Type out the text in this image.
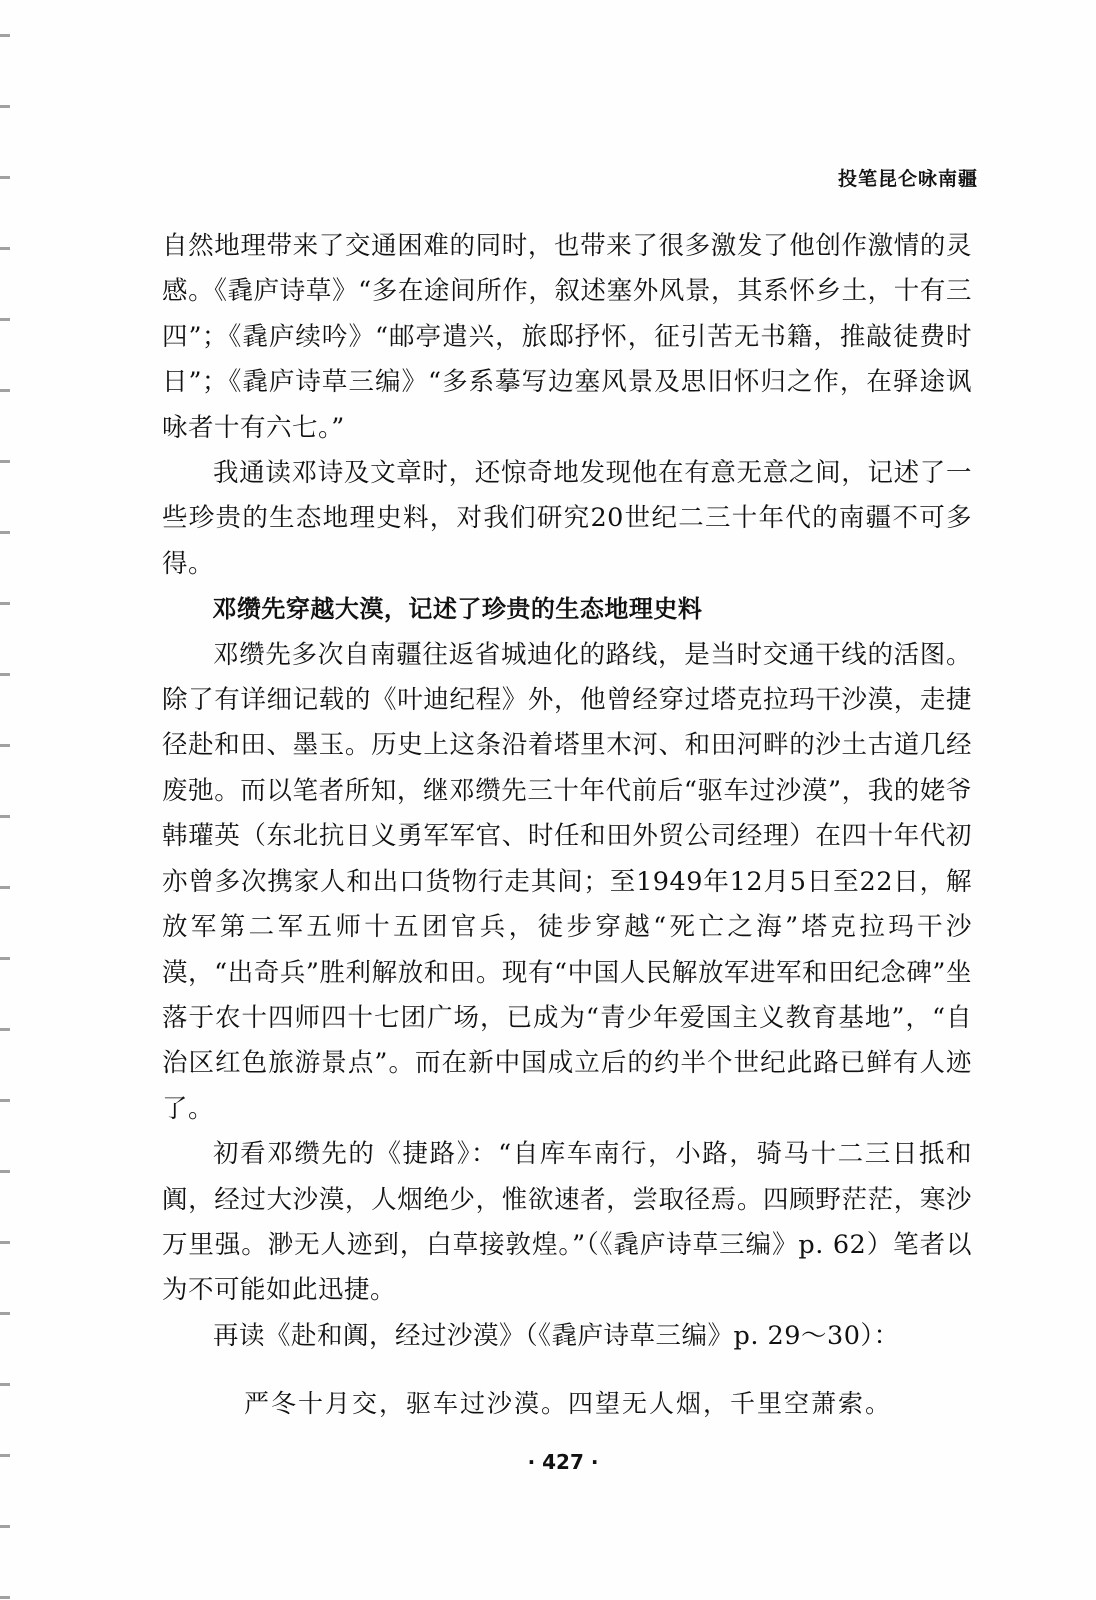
投笔昆仑咏南疆

自然地理带来了交通困难的同时，也带来了很多激发了他创作激情的灵感。《毳庐诗草》“多在途间所作，叙述塞外风景，其系怀乡土，十有三四”；《毳庐续吟》“邮亭遣兴，旅邸抒怀，征引苦无书籍，推敲徒费时日”；《毳庐诗草三编》“多系摹写边塞风景及思旧怀归之作，在驿途讽咏者十有六七。”

我通读邓诗及文章时，还惊奇地发现他在有意无意之间，记述了一些珍贵的生态地理史料，对我们研究20世纪二三十年代的南疆不可多得。

邓缵先穿越大漠，记述了珍贵的生态地理史料

邓缵先多次自南疆往返省城迪化的路线，是当时交通干线的活图。除了有详细记载的《叶迪纪程》外，他曾经穿过塔克拉玛干沙漠，走捷径赴和田、墨玉。历史上这条沿着塔里木河、和田河畔的沙土古道几经废弛。而以笔者所知，继邓缵先三十年代前后“驱车过沙漠”，我的姥爷韩瓘英（东北抗日义勇军军官、时任和田外贸公司经理）在四十年代初亦曾多次携家人和出口货物行走其间；至1949年12月5日至22日，解放军第二军五师十五团官兵，徒步穿越“死亡之海”塔克拉玛干沙漠，“出奇兵”胜利解放和田。现有“中国人民解放军进军和田纪念碑”坐落于农十四师四十七团广场，已成为“青少年爱国主义教育基地”，“自治区红色旅游景点”。而在新中国成立后的约半个世纪此路已鲜有人迹了。

初看邓缵先的《捷路》：“自库车南行，小路，骑马十二三日抵和阗，经过大沙漠，人烟绝少，惟欲速者，尝取径焉。四顾野茫茫，寒沙万里强。渺无人迹到，白草接敦煌。”（《毳庐诗草三编》p. 62）笔者以为不可能如此迅捷。

再读《赴和阗，经过沙漠》（《毳庐诗草三编》p. 29～30）：

严冬十月交，驱车过沙漠。四望无人烟，千里空萧索。
· 427 ·
